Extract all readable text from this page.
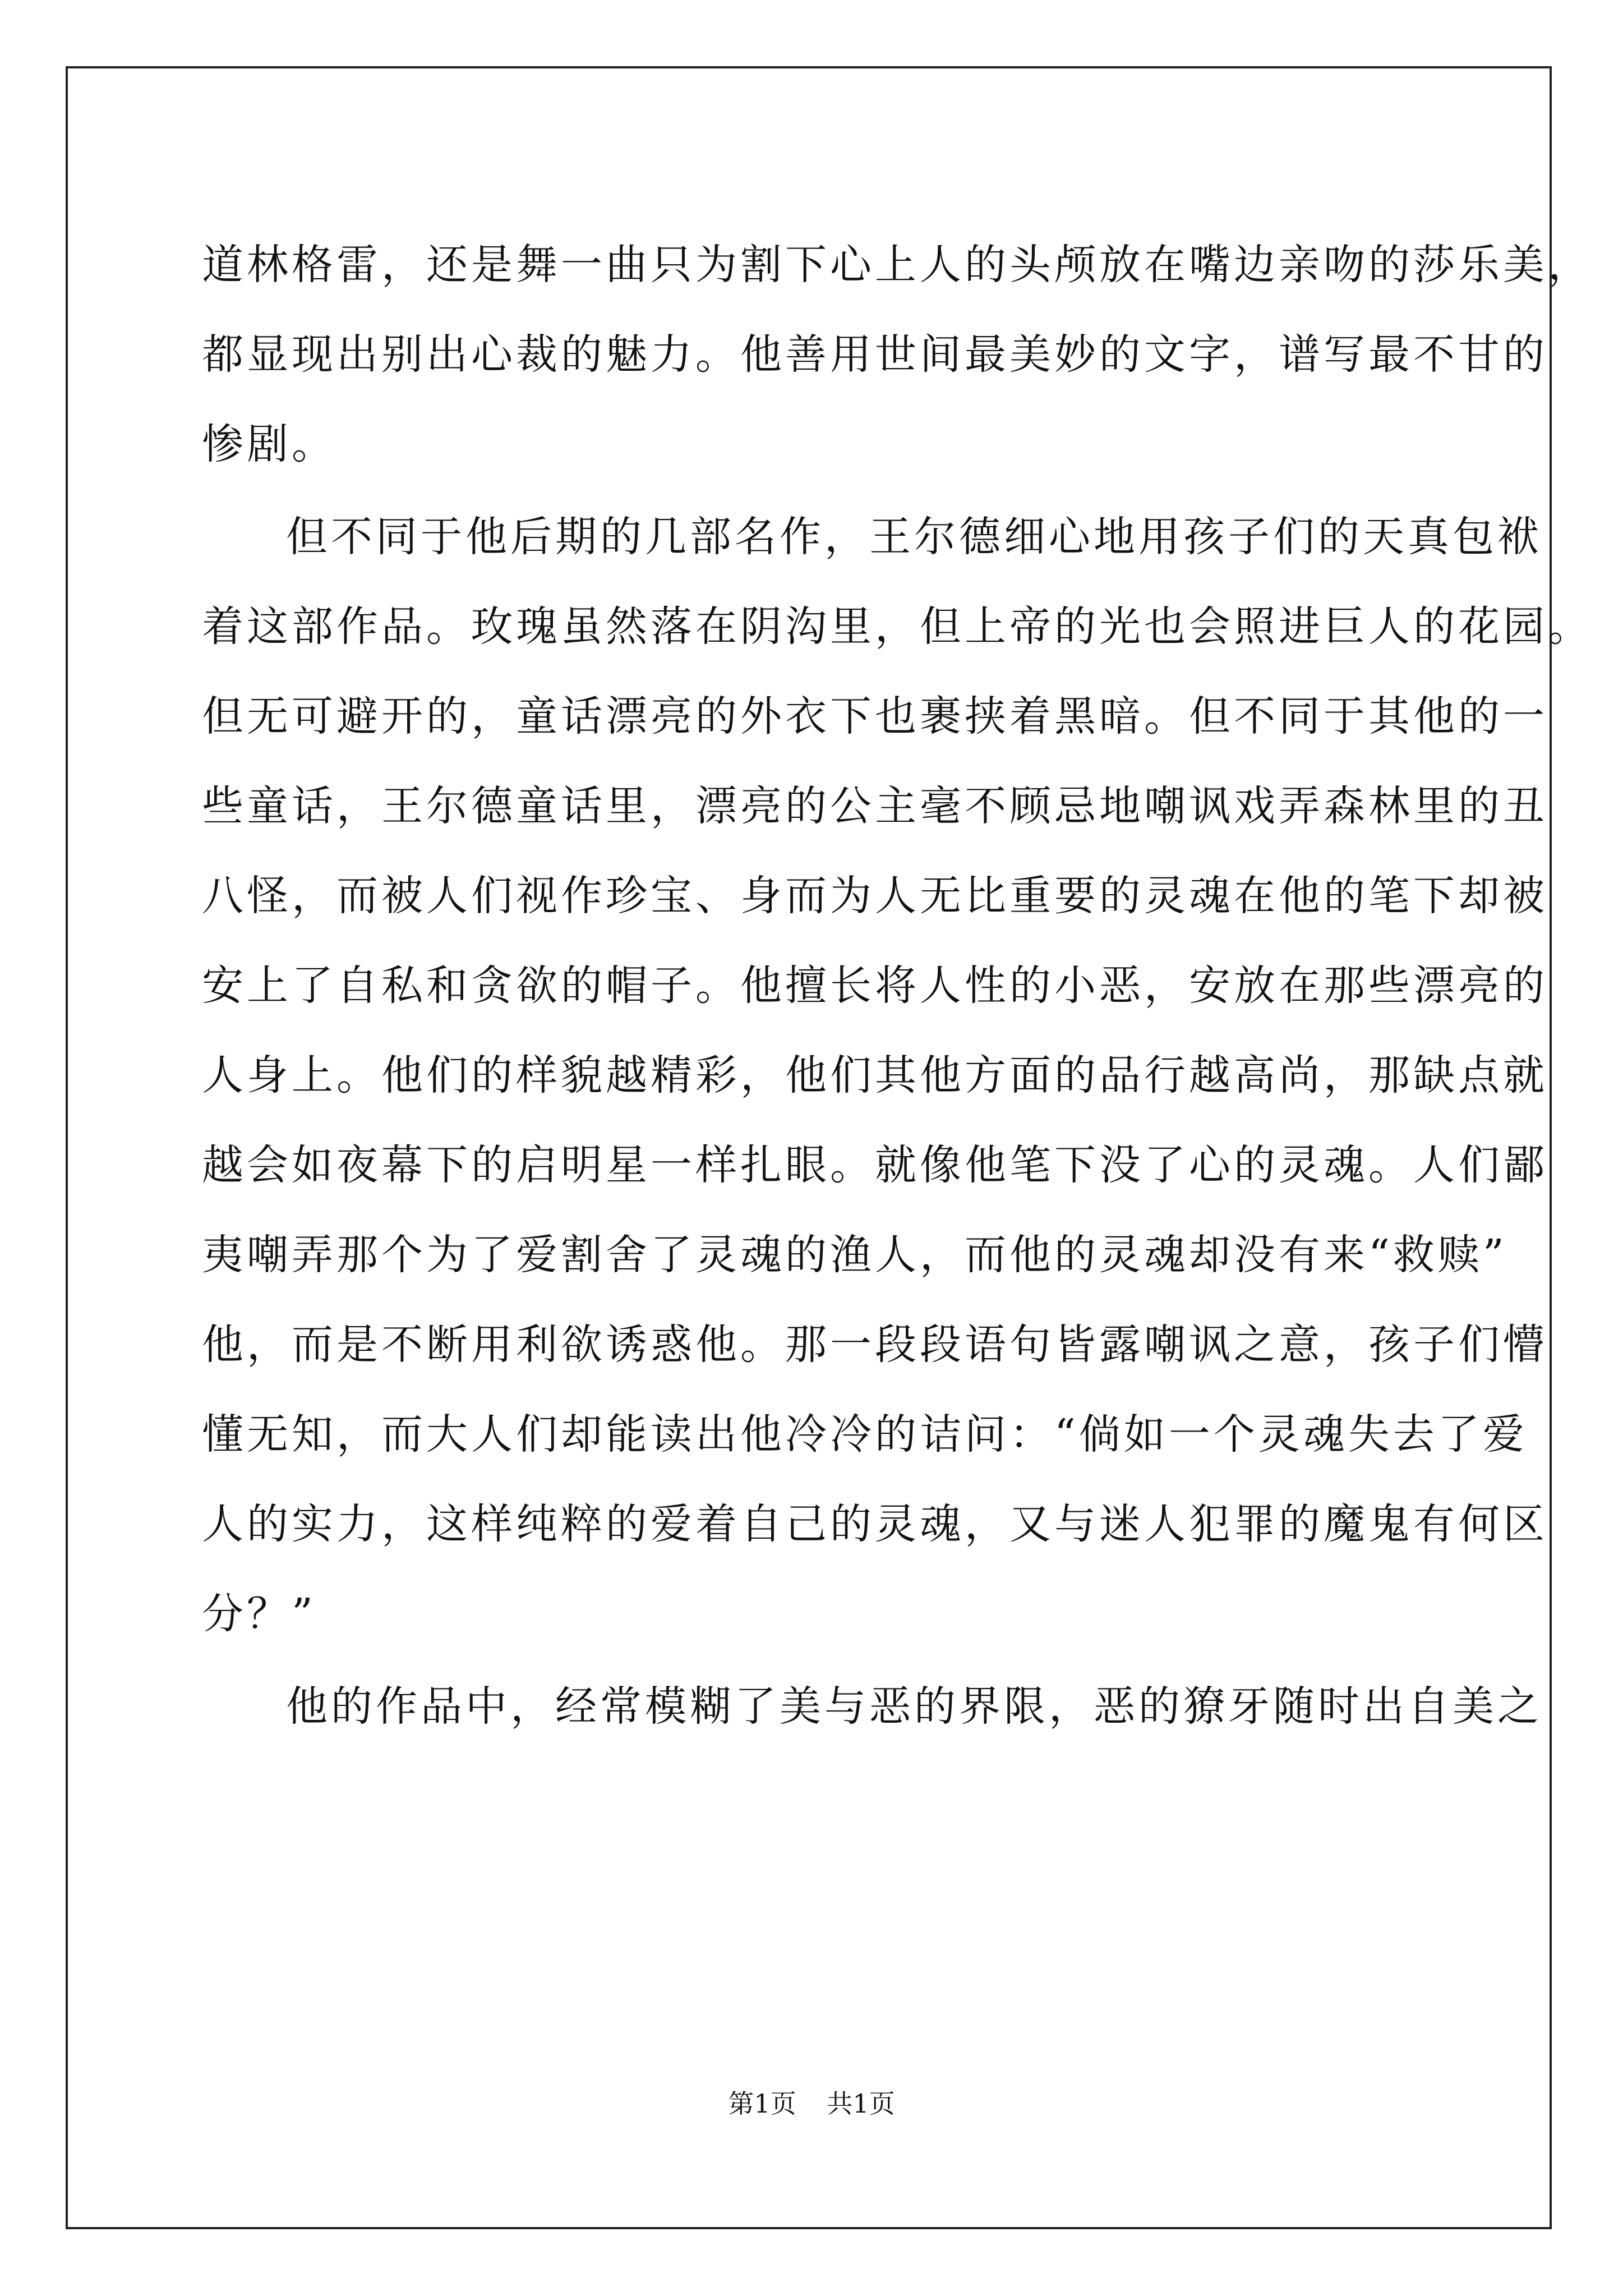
道林格雷，还是舞一曲只为割下心上人的头颅放在嘴边亲吻的莎乐美，
都显现出别出心裁的魅力。他善用世间最美妙的文字，谱写最不甘的
惨剧。
但不同于他后期的几部名作，王尔德细心地用孩子们的天真包袱
着这部作品。玫瑰虽然落在阴沟里，但上帝的光也会照进巨人的花园。
但无可避开的，童话漂亮的外衣下也裹挟着黑暗。但不同于其他的一
些童话，王尔德童话里，漂亮的公主毫不顾忌地嘲讽戏弄森林里的丑
八怪，而被人们视作珍宝、身而为人无比重要的灵魂在他的笔下却被
安上了自私和贪欲的帽子。他擅长将人性的小恶，安放在那些漂亮的
人身上。他们的样貌越精彩，他们其他方面的品行越高尚，那缺点就
越会如夜幕下的启明星一样扎眼。就像他笔下没了心的灵魂。人们鄙
夷嘲弄那个为了爱割舍了灵魂的渔人，而他的灵魂却没有来“救赎”
他，而是不断用利欲诱惑他。那一段段语句皆露嘲讽之意，孩子们懵
懂无知，而大人们却能读出他冷冷的诘问：“倘如一个灵魂失去了爱
人的实力，这样纯粹的爱着自己的灵魂，又与迷人犯罪的魔鬼有何区
分？”
他的作品中，经常模糊了美与恶的界限，恶的獠牙随时出自美之
第1页 共1页
